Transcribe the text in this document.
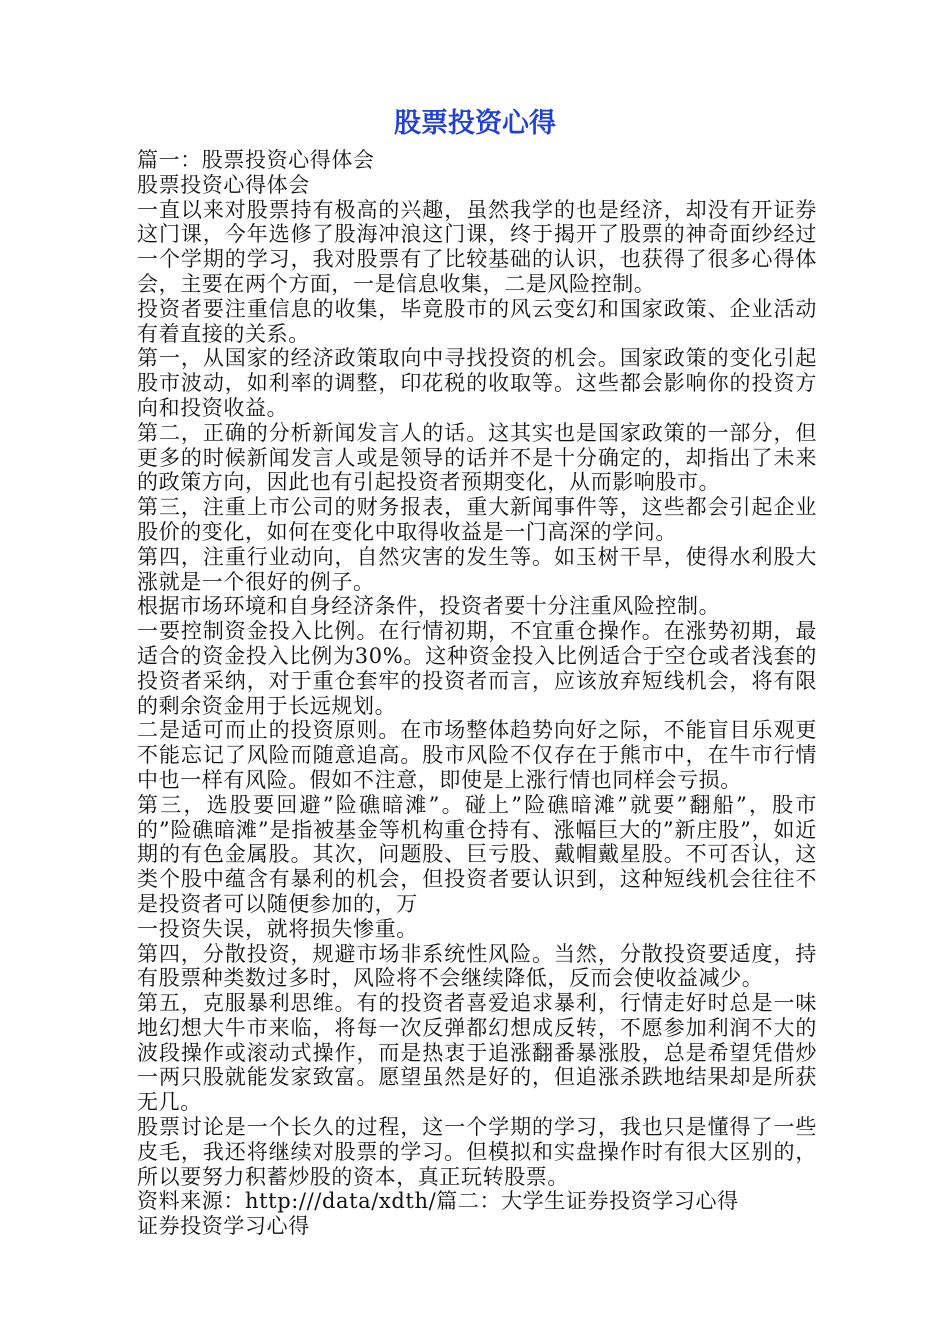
股票投资心得

篇一：股票投资心得体会

股票投资心得体会

一直以来对股票持有极高的兴趣，虽然我学的也是经济，却没有开证券这门课，今年选修了股海冲浪这门课，终于揭开了股票的神奇面纱经过一个学期的学习，我对股票有了比较基础的认识，也获得了很多心得体会，主要在两个方面，一是信息收集，二是风险控制。

投资者要注重信息的收集，毕竟股市的风云变幻和国家政策、企业活动有着直接的关系。

第一，从国家的经济政策取向中寻找投资的机会。国家政策的变化引起股市波动，如利率的调整，印花税的收取等。这些都会影响你的投资方向和投资收益。

第二，正确的分析新闻发言人的话。这其实也是国家政策的一部分，但更多的时候新闻发言人或是领导的话并不是十分确定的，却指出了未来的政策方向，因此也有引起投资者预期变化，从而影响股市。

第三，注重上市公司的财务报表，重大新闻事件等，这些都会引起企业股价的变化，如何在变化中取得收益是一门高深的学问。

第四，注重行业动向，自然灾害的发生等。如玉树干旱，使得水利股大涨就是一个很好的例子。

根据市场环境和自身经济条件，投资者要十分注重风险控制。

一要控制资金投入比例。在行情初期，不宜重仓操作。在涨势初期，最适合的资金投入比例为30%。这种资金投入比例适合于空仓或者浅套的投资者采纳，对于重仓套牢的投资者而言，应该放弃短线机会，将有限的剩余资金用于长远规划。

二是适可而止的投资原则。在市场整体趋势向好之际，不能盲目乐观更不能忘记了风险而随意追高。股市风险不仅存在于熊市中，在牛市行情中也一样有风险。假如不注意，即使是上涨行情也同样会亏损。

第三，选股要回避”险礁暗滩”。碰上”险礁暗滩”就要”翻船”，股市的”险礁暗滩”是指被基金等机构重仓持有、涨幅巨大的”新庄股”，如近期的有色金属股。其次，问题股、巨亏股、戴帽戴星股。不可否认，这类个股中蕴含有暴利的机会，但投资者要认识到，这种短线机会往往不是投资者可以随便参加的，万

一投资失误，就将损失惨重。

第四，分散投资，规避市场非系统性风险。当然，分散投资要适度，持有股票种类数过多时，风险将不会继续降低，反而会使收益减少。

第五，克服暴利思维。有的投资者喜爱追求暴利，行情走好时总是一味地幻想大牛市来临，将每一次反弹都幻想成反转，不愿参加利润不大的波段操作或滚动式操作，而是热衷于追涨翻番暴涨股，总是希望凭借炒一两只股就能发家致富。愿望虽然是好的，但追涨杀跌地结果却是所获无几。

股票讨论是一个长久的过程，这一个学期的学习，我也只是懂得了一些皮毛，我还将继续对股票的学习。但模拟和实盘操作时有很大区别的，所以要努力积蓄炒股的资本，真正玩转股票。

资料来源：http:///data/xdth/篇二：大学生证券投资学习心得

证券投资学习心得
